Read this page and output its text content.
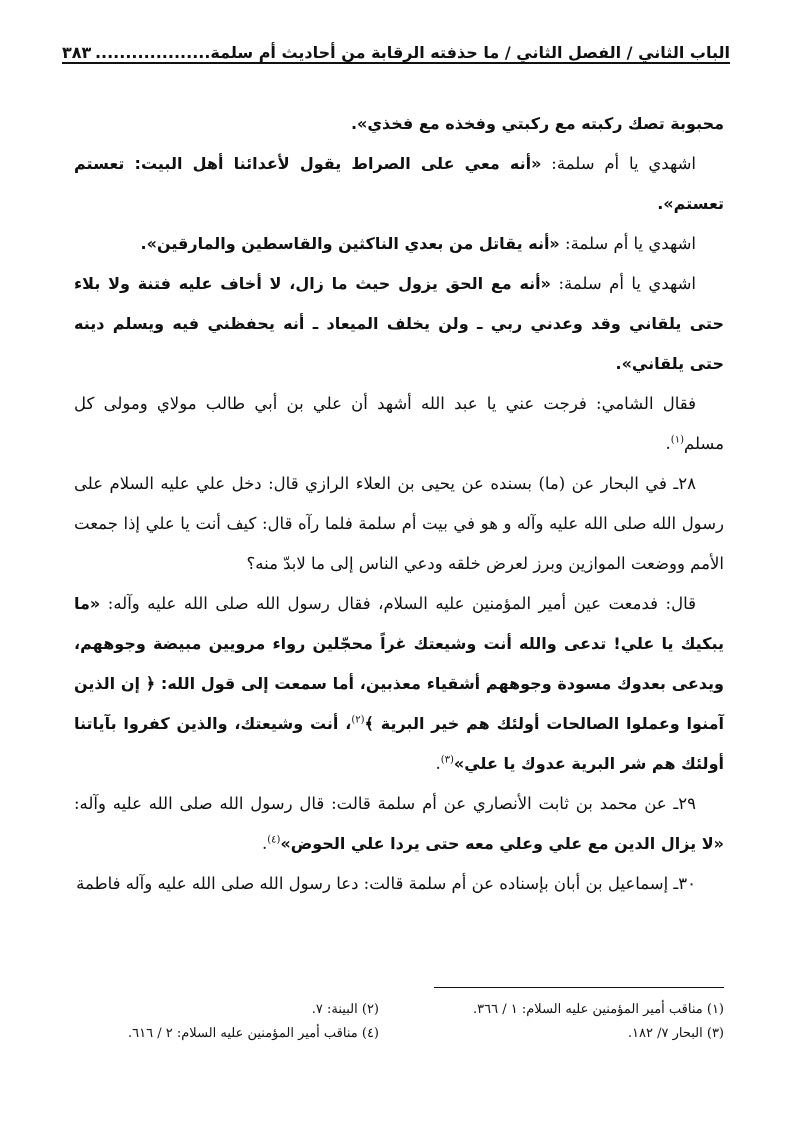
الباب الثاني / الفصل الثاني / ما حذفته الرقابة من أحاديث أم سلمة...................
٣٨٣

محبوبة تصك ركبته مع ركبتي وفخذه مع فخذي».

اشهدي يا أم سلمة: «أنه معي على الصراط يقول لأعدائنا أهل البيت: تعستم تعستم».

اشهدي يا أم سلمة: «أنه يقاتل من بعدي الناكثين والقاسطين والمارقين».

اشهدي يا أم سلمة: «أنه مع الحق يزول حيث ما زال، لا أخاف عليه فتنة ولا بلاء حتى يلقاني وقد وعدني ربي ـ ولن يخلف الميعاد ـ أنه يحفظني فيه ويسلم دينه حتى يلقاني».

فقال الشامي: فرجت عني يا عبد الله أشهد أن علي بن أبي طالب مولاي ومولى كل مسلم$^{(١)}$.

٢٨ـ في البحار عن (ما) بسنده عن يحيى بن العلاء الرازي قال: دخل علي عليه السلام على رسول الله صلى الله عليه وآله و هو في بيت أم سلمة فلما رآه قال: كيف أنت يا علي إذا جمعت الأمم ووضعت الموازين وبرز لعرض خلقه ودعي الناس إلى ما لابدّ منه؟

قال: فدمعت عين أمير المؤمنين عليه السلام، فقال رسول الله صلى الله عليه وآله: «ما يبكيك يا علي! تدعى والله أنت وشيعتك غراً محجّلين رواء مرويين مبيضة وجوههم، ويدعى بعدوك مسودة وجوههم أشقياء معذبين، أما سمعت إلى قول الله: ﴿ إن الذين آمنوا وعملوا الصالحات أولئك هم خير البرية ﴾$^{(٢)}$، أنت وشيعتك، والذين كفروا بآياتنا أولئك هم شر البرية عدوك يا علي»$^{(٣)}$.

٢٩ـ عن محمد بن ثابت الأنصاري عن أم سلمة قالت: قال رسول الله صلى الله عليه وآله: «لا يزال الدين مع علي وعلي معه حتى يردا علي الحوض»$^{(٤)}$.

٣٠ـ إسماعيل بن أبان بإسناده عن أم سلمة قالت: دعا رسول الله صلى الله عليه وآله فاطمة

(١) مناقب أمير المؤمنين عليه السلام: ١ / ٣٦٦.
(٢) البينة: ٧.
(٣) البحار ٧/ ١٨٢.
(٤) مناقب أمير المؤمنين عليه السلام: ٢ / ٦١٦.
